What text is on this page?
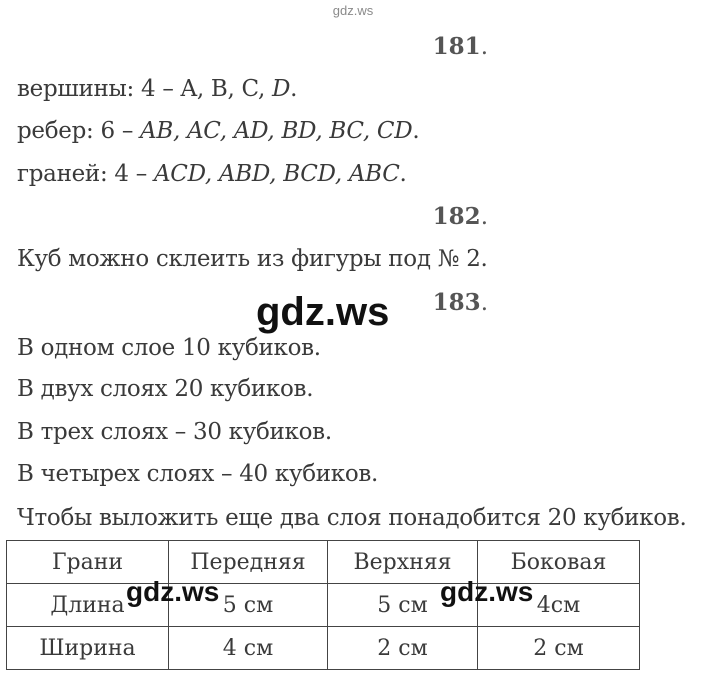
gdz.ws
181.
вершины: 4 – A, B, C, D.
ребер: 6 – AB, AC, AD, BD, BC, CD.
граней: 4 – ACD, ABD, BCD, ABC.
182.
Куб можно склеить из фигуры под № 2.
183.
gdz.ws
В одном слое 10 кубиков.
В двух слоях 20 кубиков.
В трех слоях – 30 кубиков.
В четырех слоях – 40 кубиков.
Чтобы выложить еще два слоя понадобится 20 кубиков.
Грани	Передняя	Верхняя	Боковая
Длина	5 см	5 см	4см
Ширина	4 см	2 см	2 см
gdz.ws	gdz.ws
